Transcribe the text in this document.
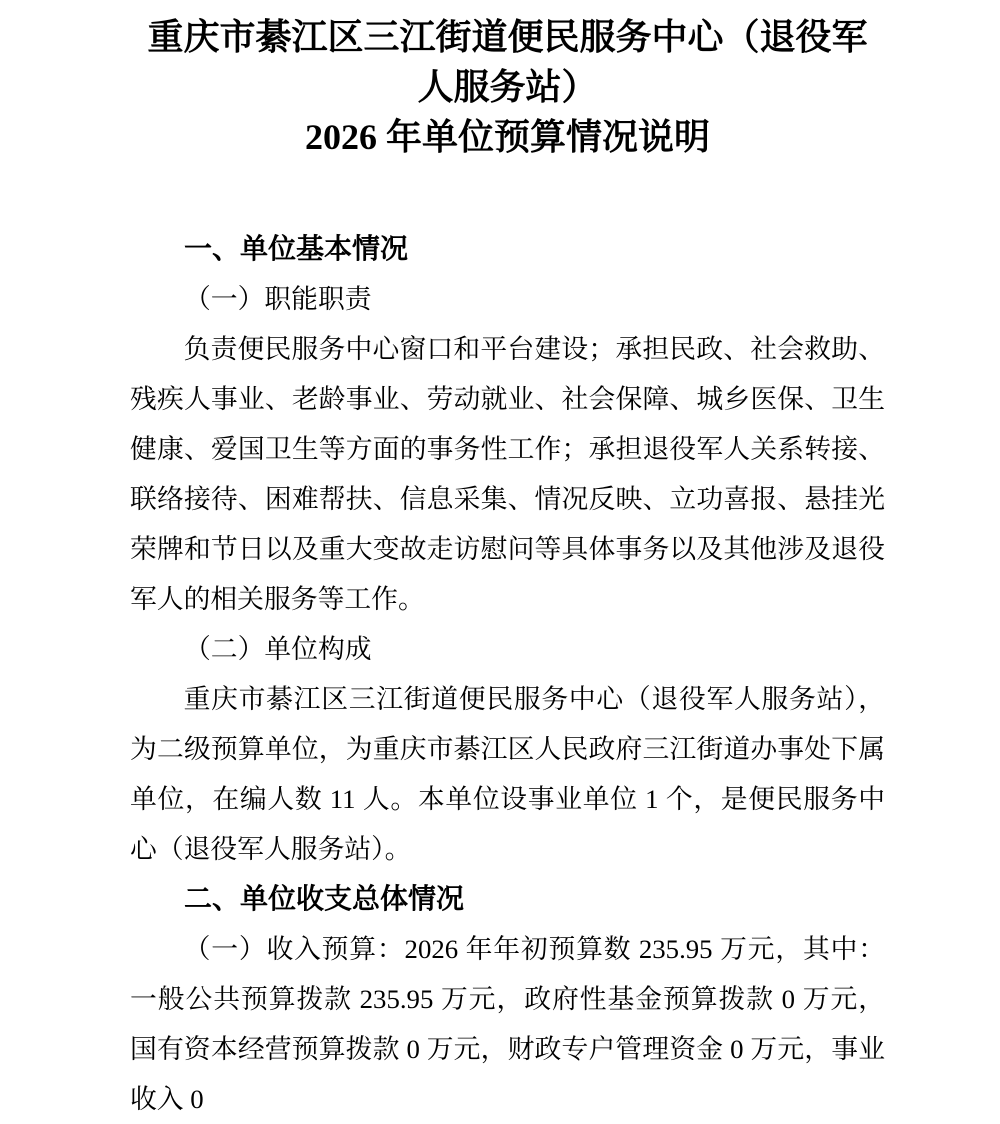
重庆市綦江区三江街道便民服务中心（退役军人服务站）
2026 年单位预算情况说明
一、单位基本情况
（一）职能职责

负责便民服务中心窗口和平台建设；承担民政、社会救助、残疾人事业、老龄事业、劳动就业、社会保障、城乡医保、卫生健康、爱国卫生等方面的事务性工作；承担退役军人关系转接、联络接待、困难帮扶、信息采集、情况反映、立功喜报、悬挂光荣牌和节日以及重大变故走访慰问等具体事务以及其他涉及退役军人的相关服务等工作。

（二）单位构成

重庆市綦江区三江街道便民服务中心（退役军人服务站），为二级预算单位，为重庆市綦江区人民政府三江街道办事处下属单位，在编人数 11 人。本单位设事业单位 1 个，是便民服务中心（退役军人服务站）。

二、单位收支总体情况

（一）收入预算：2026 年年初预算数 235.95 万元，其中：一般公共预算拨款 235.95 万元，政府性基金预算拨款 0 万元，国有资本经营预算拨款 0 万元，财政专户管理资金 0 万元，事业收入 0
